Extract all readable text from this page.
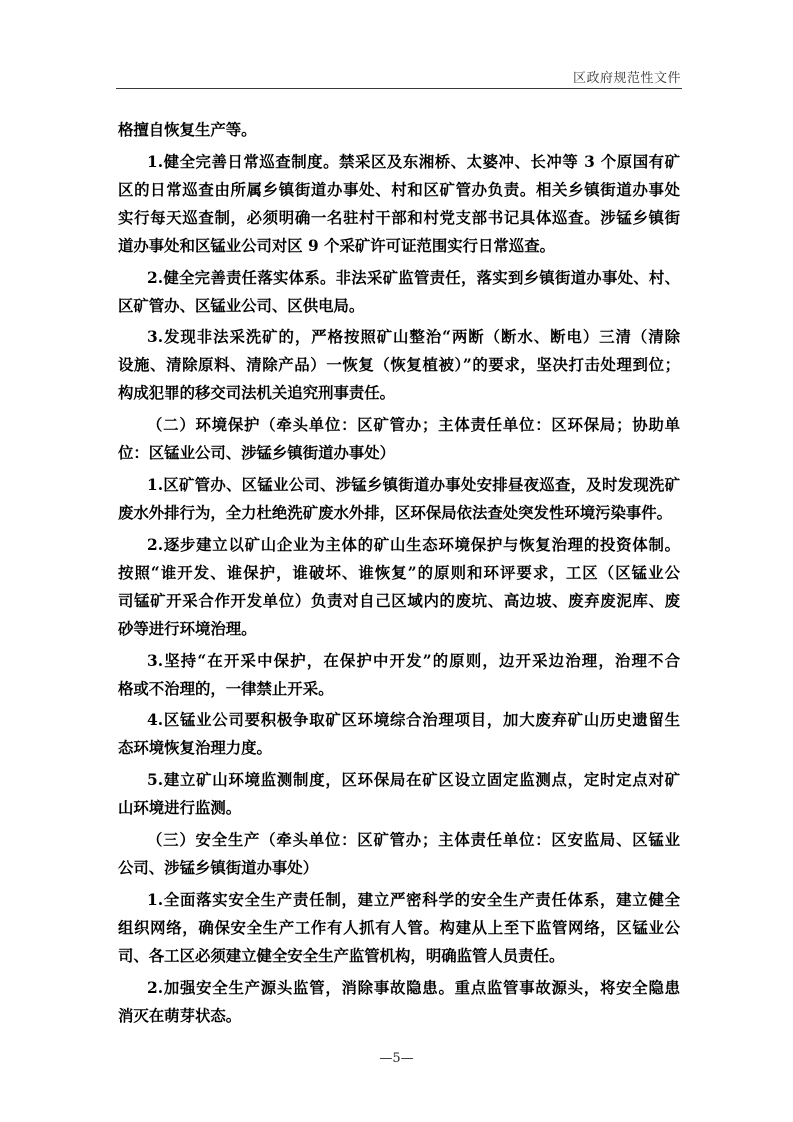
区政府规范性文件
格擅自恢复生产等。
1.健全完善日常巡查制度。禁采区及东湘桥、太婆冲、长冲等 3 个原国有矿
区的日常巡查由所属乡镇街道办事处、村和区矿管办负责。相关乡镇街道办事处
实行每天巡查制，必须明确一名驻村干部和村党支部书记具体巡查。涉锰乡镇街
道办事处和区锰业公司对区 9 个采矿许可证范围实行日常巡查。
2.健全完善责任落实体系。非法采矿监管责任，落实到乡镇街道办事处、村、
区矿管办、区锰业公司、区供电局。
3.发现非法采洗矿的，严格按照矿山整治“两断（断水、断电）三清（清除
设施、清除原料、清除产品）一恢复（恢复植被）”的要求，坚决打击处理到位；
构成犯罪的移交司法机关追究刑事责任。
（二）环境保护（牵头单位：区矿管办；主体责任单位：区环保局；协助单
位：区锰业公司、涉锰乡镇街道办事处）
1.区矿管办、区锰业公司、涉锰乡镇街道办事处安排昼夜巡查，及时发现洗矿
废水外排行为，全力杜绝洗矿废水外排，区环保局依法查处突发性环境污染事件。
2.逐步建立以矿山企业为主体的矿山生态环境保护与恢复治理的投资体制。
按照“谁开发、谁保护，谁破坏、谁恢复”的原则和环评要求，工区（区锰业公
司锰矿开采合作开发单位）负责对自己区域内的废坑、高边坡、废弃废泥库、废
砂等进行环境治理。
3.坚持“在开采中保护，在保护中开发”的原则，边开采边治理，治理不合
格或不治理的，一律禁止开采。
4.区锰业公司要积极争取矿区环境综合治理项目，加大废弃矿山历史遗留生
态环境恢复治理力度。
5.建立矿山环境监测制度，区环保局在矿区设立固定监测点，定时定点对矿
山环境进行监测。
（三）安全生产（牵头单位：区矿管办；主体责任单位：区安监局、区锰业
公司、涉锰乡镇街道办事处）
1.全面落实安全生产责任制，建立严密科学的安全生产责任体系，建立健全
组织网络，确保安全生产工作有人抓有人管。构建从上至下监管网络，区锰业公
司、各工区必须建立健全安全生产监管机构，明确监管人员责任。
2.加强安全生产源头监管，消除事故隐患。重点监管事故源头，将安全隐患
消灭在萌芽状态。
—5—
